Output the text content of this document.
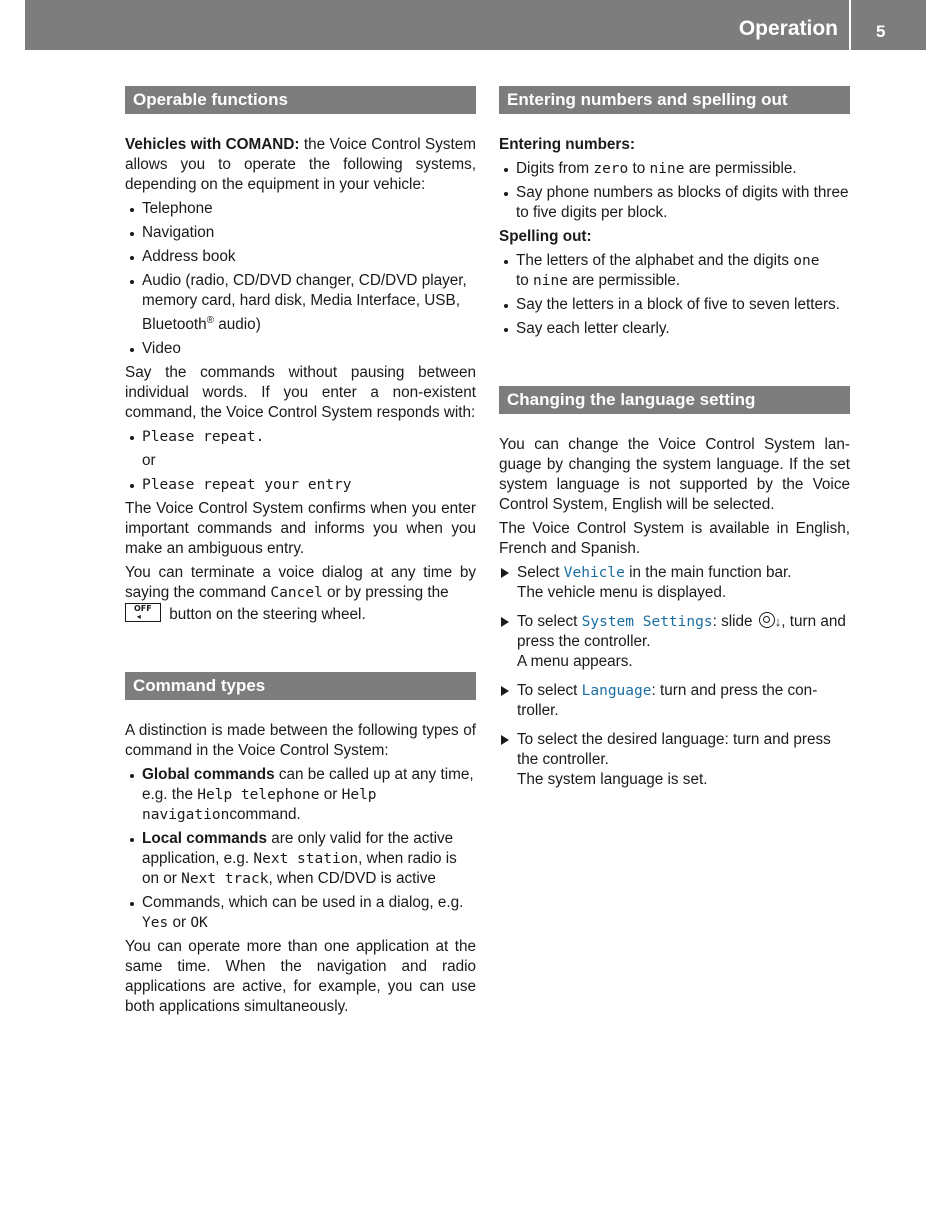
Operation 5
Operable functions

Vehicles with COMAND: the Voice Control System allows you to operate the following systems, depending on the equipment in your vehicle:

Telephone
Navigation
Address book
Audio (radio, CD/DVD changer, CD/DVD player, memory card, hard disk, Media Interface, USB, Bluetooth® audio)
Video

Say the commands without pausing between individual words. If you enter a non-existent command, the Voice Control System responds with:

Please repeat.
or
Please repeat your entry

The Voice Control System confirms when you enter important commands and informs you when you make an ambiguous entry.

You can terminate a voice dialog at any time by saying the command Cancel or by pressing the

OFF
◂	button on the steering wheel.

Command types

A distinction is made between the following types of command in the Voice Control System:

Global commands can be called up at any time, e.g. the Help telephone or Help navigationcommand.
Local commands are only valid for the active application, e.g. Next station, when radio is on or Next track, when CD/DVD is active
Commands, which can be used in a dialog, e.g. Yes or OK

You can operate more than one application at the same time. When the navigation and radio applications are active, for example, you can use both applications simultaneously.

Entering numbers and spelling out

Entering numbers:

Digits from zero to nine are permissible.
Say phone numbers as blocks of digits with three to five digits per block.

Spelling out:

The letters of the alphabet and the digits one
to nine are permissible.
Say the letters in a block of five to seven letters.
Say each letter clearly.
Changing the language setting

You can change the Voice Control System language by changing the system language. If the set system language is not supported by the Voice Control System, English will be selected.

The Voice Control System is available in English, French and Spanish.

Select Vehicle in the main function bar.
The vehicle menu is displayed.
To select System Settings: slide ↓, turn and press the controller.
A menu appears.
To select Language: turn and press the controller.
To select the desired language: turn and press the controller.
The system language is set.
